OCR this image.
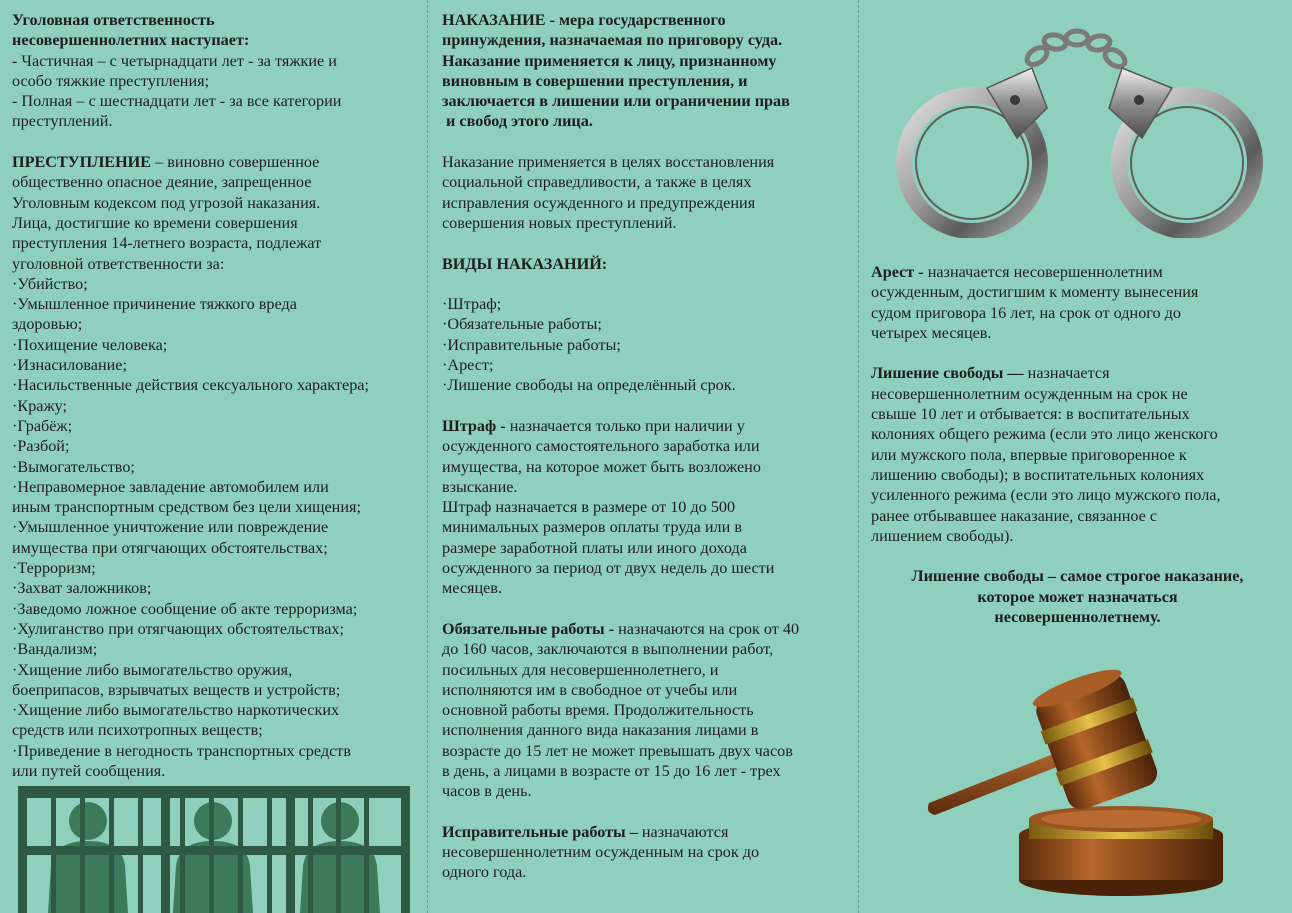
Уголовная ответственность

несовершеннолетних наступает:

- Частичная – с четырнадцати лет - за тяжкие и

особо тяжкие преступления;

- Полная – с шестнадцати лет - за все категории

преступлений.

ПРЕСТУПЛЕНИЕ – виновно совершенное

общественно опасное деяние, запрещенное

Уголовным кодексом под угрозой наказания.

Лица, достигшие ко времени совершения

преступления 14-летнего возраста, подлежат

уголовной ответственности за:

·Убийство;

·Умышленное причинение тяжкого вреда

здоровью;

·Похищение человека;

·Изнасилование;

·Насильственные действия сексуального характера;

·Кражу;

·Грабёж;

·Разбой;

·Вымогательство;

·Неправомерное завладение автомобилем или

иным транспортным средством без цели хищения;

·Умышленное уничтожение или повреждение

имущества при отягчающих обстоятельствах;

·Терроризм;

·Захват заложников;

·Заведомо ложное сообщение об акте терроризма;

·Хулиганство при отягчающих обстоятельствах;

·Вандализм;

·Хищение либо вымогательство оружия,

боеприпасов, взрывчатых веществ и устройств;

·Хищение либо вымогательство наркотических

средств или психотропных веществ;

·Приведение в негодность транспортных средств

или путей сообщения.

НАКАЗАНИЕ - мера государственного

принуждения, назначаемая по приговору суда.

Наказание применяется к лицу, признанному

виновным в совершении преступления, и

заключается в лишении или ограничении прав

и свобод этого лица.

Наказание применяется в целях восстановления

социальной справедливости, а также в целях

исправления осужденного и предупреждения

совершения новых преступлений.

ВИДЫ НАКАЗАНИЙ:

·Штраф;

·Обязательные работы;

·Исправительные работы;

·Арест;

·Лишение свободы на определённый срок.

Штраф - назначается только при наличии у

осужденного самостоятельного заработка или

имущества, на которое может быть возложено

взыскание.

Штраф назначается в размере от 10 до 500

минимальных размеров оплаты труда или в

размере заработной платы или иного дохода

осужденного за период от двух недель до шести

месяцев.

Обязательные работы - назначаются на срок от 40

до 160 часов, заключаются в выполнении работ,

посильных для несовершеннолетнего, и

исполняются им в свободное от учебы или

основной работы время. Продолжительность

исполнения данного вида наказания лицами в

возрасте до 15 лет не может превышать двух часов

в день, а лицами в возрасте от 15 до 16 лет - трех

часов в день.

Исправительные работы – назначаются

несовершеннолетним осужденным на срок до

одного года.

Арест - назначается несовершеннолетним

осужденным, достигшим к моменту вынесения

судом приговора 16 лет, на срок от одного до

четырех месяцев.

Лишение свободы — назначается

несовершеннолетним осужденным на срок не

свыше 10 лет и отбывается: в воспитательных

колониях общего режима (если это лицо женского

или мужского пола, впервые приговоренное к

лишению свободы); в воспитательных колониях

усиленного режима (если это лицо мужского пола,

ранее отбывавшее наказание, связанное с

лишением свободы).

Лишение свободы – самое строгое наказание,

которое может назначаться

несовершеннолетнему.
